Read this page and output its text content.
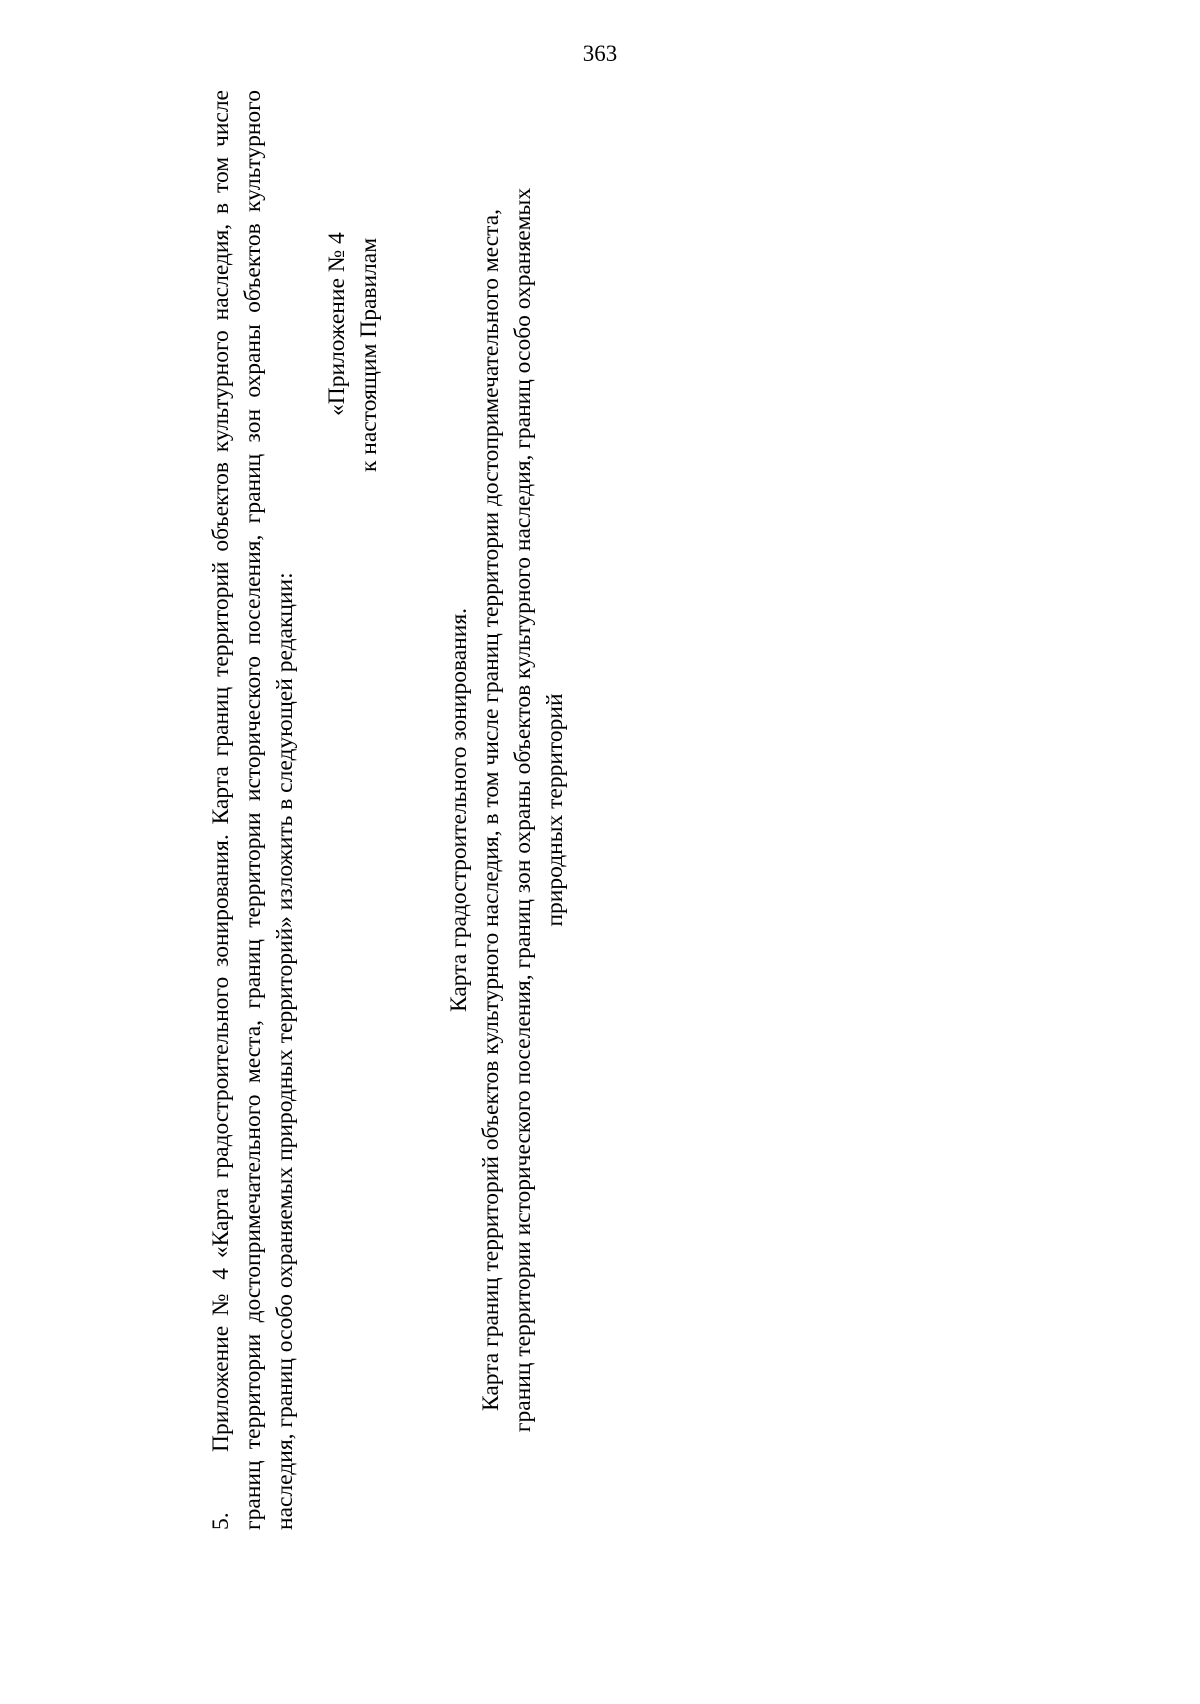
363

5.Приложение № 4 «Карта градостроительного зонирования. Карта границ территорий объектов культурного наследия, в том числе границ территории достопримечательного места, границ территории исторического поселения, границ зон охраны объектов культурного наследия, границ особо охраняемых природных территорий» изложить в следующей редакции:

«Приложение № 4 к настоящим Правилам

Карта градостроительного зонирования. Карта границ территорий объектов культурного наследия, в том числе границ территории достопримечательного места, границ территории исторического поселения, границ зон охраны объектов культурного наследия, границ особо охраняемых природных территорий
